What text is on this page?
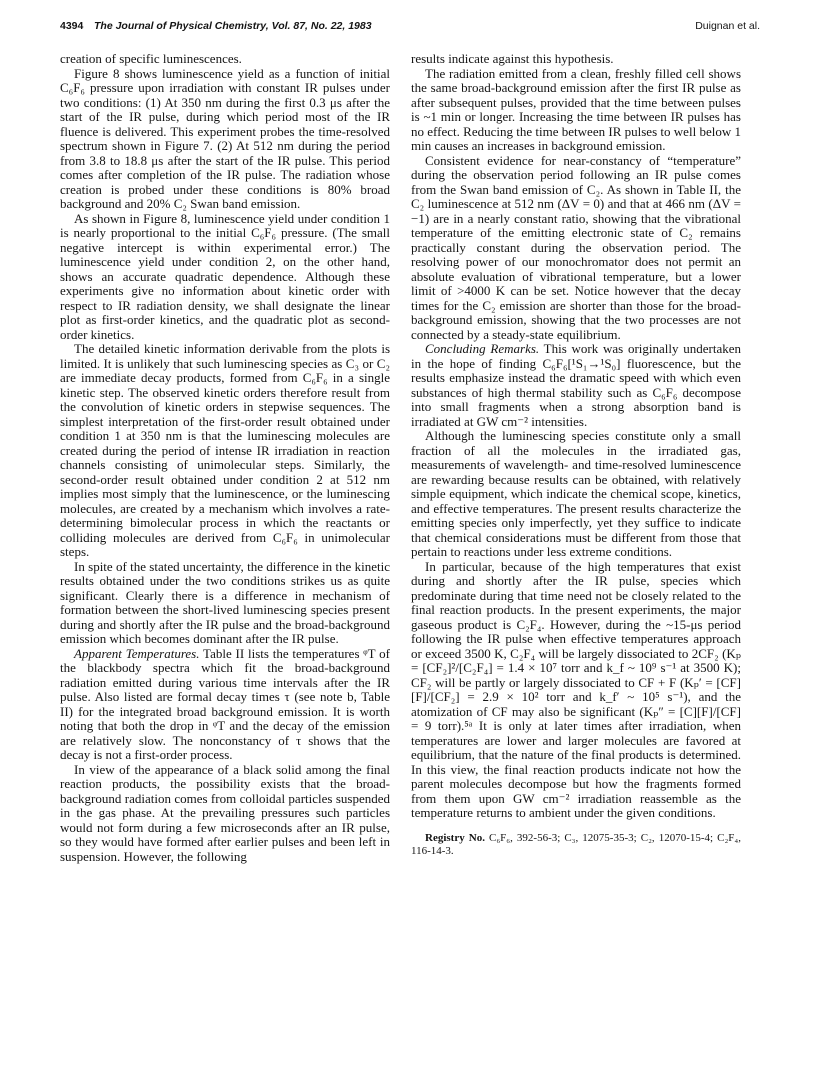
4394 The Journal of Physical Chemistry, Vol. 87, No. 22, 1983	Duignan et al.

creation of specific luminescences.

Figure 8 shows luminescence yield as a function of initial C₆F₆ pressure upon irradiation with constant IR pulses under two conditions: (1) At 350 nm during the first 0.3 μs after the start of the IR pulse, during which period most of the IR fluence is delivered. This experiment probes the time-resolved spectrum shown in Figure 7. (2) At 512 nm during the period from 3.8 to 18.8 μs after the start of the IR pulse. This period comes after completion of the IR pulse. The radiation whose creation is probed under these conditions is 80% broad background and 20% C₂ Swan band emission.

As shown in Figure 8, luminescence yield under condition 1 is nearly proportional to the initial C₆F₆ pressure. (The small negative intercept is within experimental error.) The luminescence yield under condition 2, on the other hand, shows an accurate quadratic dependence. Although these experiments give no information about kinetic order with respect to IR radiation density, we shall designate the linear plot as first-order kinetics, and the quadratic plot as second-order kinetics.

The detailed kinetic information derivable from the plots is limited. It is unlikely that such luminescing species as C₃ or C₂ are immediate decay products, formed from C₆F₆ in a single kinetic step. The observed kinetic orders therefore result from the convolution of kinetic orders in stepwise sequences. The simplest interpretation of the first-order result obtained under condition 1 at 350 nm is that the luminescing molecules are created during the period of intense IR irradiation in reaction channels consisting of unimolecular steps. Similarly, the second-order result obtained under condition 2 at 512 nm implies most simply that the luminescence, or the luminescing molecules, are created by a mechanism which involves a rate-determining bimolecular process in which the reactants or colliding molecules are derived from C₆F₆ in unimolecular steps.

In spite of the stated uncertainty, the difference in the kinetic results obtained under the two conditions strikes us as quite significant. Clearly there is a difference in mechanism of formation between the short-lived luminescing species present during and shortly after the IR pulse and the broad-background emission which becomes dominant after the IR pulse.

Apparent Temperatures. Table II lists the temperatures ᵠT of the blackbody spectra which fit the broad-background radiation emitted during various time intervals after the IR pulse. Also listed are formal decay times τ (see note b, Table II) for the integrated broad background emission. It is worth noting that both the drop in ᵠT and the decay of the emission are relatively slow. The nonconstancy of τ shows that the decay is not a first-order process.

In view of the appearance of a black solid among the final reaction products, the possibility exists that the broad-background radiation comes from colloidal particles suspended in the gas phase. At the prevailing pressures such particles would not form during a few microseconds after an IR pulse, so they would have formed after earlier pulses and been left in suspension. However, the following

results indicate against this hypothesis.

The radiation emitted from a clean, freshly filled cell shows the same broad-background emission after the first IR pulse as after subsequent pulses, provided that the time between pulses is ~1 min or longer. Increasing the time between IR pulses has no effect. Reducing the time between IR pulses to well below 1 min causes an increases in background emission.

Consistent evidence for near-constancy of “temperature” during the observation period following an IR pulse comes from the Swan band emission of C₂. As shown in Table II, the C₂ luminescence at 512 nm (ΔV = 0) and that at 466 nm (ΔV = −1) are in a nearly constant ratio, showing that the vibrational temperature of the emitting electronic state of C₂ remains practically constant during the observation period. The resolving power of our monochromator does not permit an absolute evaluation of vibrational temperature, but a lower limit of >4000 K can be set. Notice however that the decay times for the C₂ emission are shorter than those for the broad-background emission, showing that the two processes are not connected by a steady-state equilibrium.

Concluding Remarks. This work was originally undertaken in the hope of finding C₆F₆[¹S₁→¹S₀] fluorescence, but the results emphasize instead the dramatic speed with which even substances of high thermal stability such as C₆F₆ decompose into small fragments when a strong absorption band is irradiated at GW cm⁻² intensities.

Although the luminescing species constitute only a small fraction of all the molecules in the irradiated gas, measurements of wavelength- and time-resolved luminescence are rewarding because results can be obtained, with relatively simple equipment, which indicate the chemical scope, kinetics, and effective temperatures. The present results characterize the emitting species only imperfectly, yet they suffice to indicate that chemical considerations must be different from those that pertain to reactions under less extreme conditions.

In particular, because of the high temperatures that exist during and shortly after the IR pulse, species which predominate during that time need not be closely related to the final reaction products. In the present experiments, the major gaseous product is C₂F₄. However, during the ~15-μs period following the IR pulse when effective temperatures approach or exceed 3500 K, C₂F₄ will be largely dissociated to 2CF₂ (Kₚ = [CF₂]²/[C₂F₄] = 1.4 × 10⁷ torr and k_f ~ 10⁹ s⁻¹ at 3500 K); CF₂ will be partly or largely dissociated to CF + F (Kₚ′ = [CF][F]/[CF₂] = 2.9 × 10² torr and k_f′ ~ 10⁵ s⁻¹), and the atomization of CF may also be significant (Kₚ″ = [C][F]/[CF] = 9 torr).⁵ᵃ It is only at later times after irradiation, when temperatures are lower and larger molecules are favored at equilibrium, that the nature of the final products is determined. In this view, the final reaction products indicate not how the parent molecules decompose but how the fragments formed from them upon GW cm⁻² irradiation reassemble as the temperature returns to ambient under the given conditions.

Registry No. C₆F₆, 392-56-3; C₃, 12075-35-3; C₂, 12070-15-4; C₂F₄, 116-14-3.
